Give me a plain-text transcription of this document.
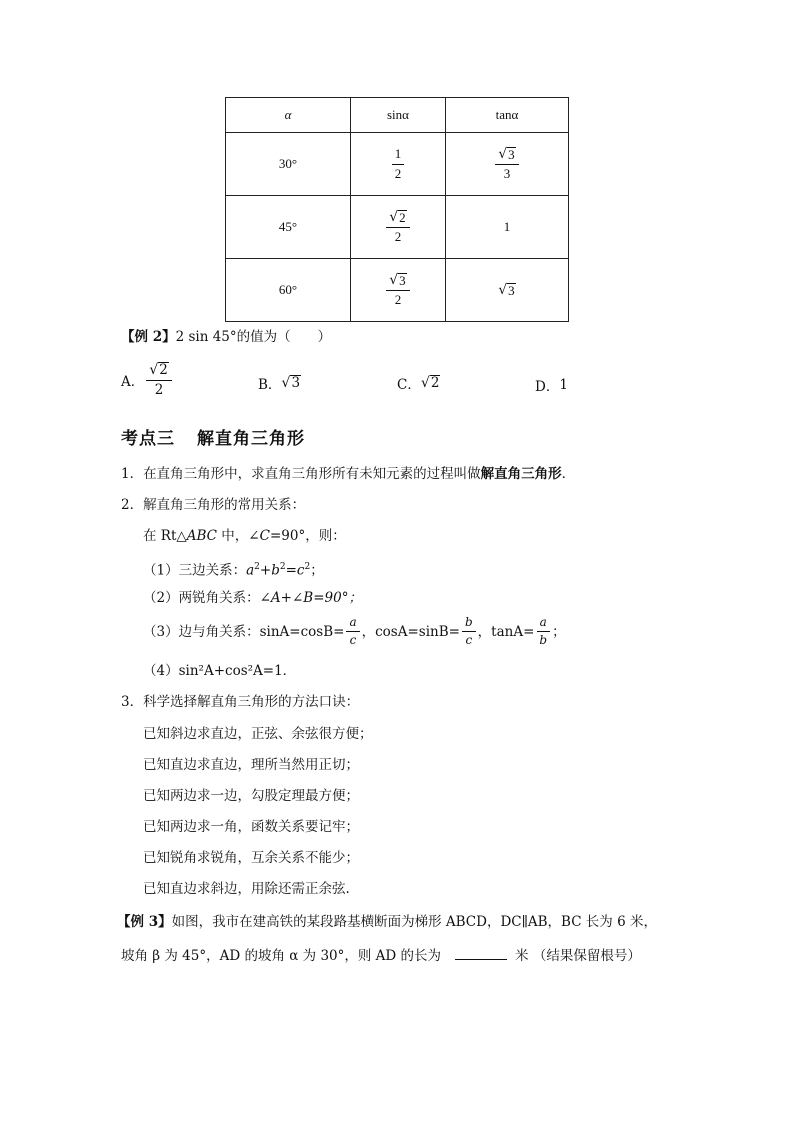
α	sinα	tanα
30°	$\frac{1}{2}$	$\frac{√ 3}{3}$

45°	$\frac{√ 2}{2}$	1
60°	$\frac{√ 3}{2}$	√ 3
【例 2】2 sin 45°的值为（　　）
A． $\frac{√ 2}{2}$	B． √ 3	C． √ 2	D． 1
考点三 解直角三角形
1．在直角三角形中，求直角三角形所有未知元素的过程叫做解直角三角形．
2．解直角三角形的常用关系：
在 Rt△ABC 中，∠C=90°，则：
（1）三边关系：$a^2+b^2=c^2$；
（2）两锐角关系：∠A+∠B=90°；
（3）边与角关系： $\sin A=\cos B= \frac{a}{c}$ ，$\cos A=\sin B= \frac{b}{c}$ ，$\tan A= \frac{a}{b}$ ；
（4）sin²A+cos²A=1．
3．科学选择解直角三角形的方法口诀：
已知斜边求直边，正弦、余弦很方便；
已知直边求直边，理所当然用正切；
已知两边求一边，勾股定理最方便；
已知两边求一角，函数关系要记牢；
已知锐角求锐角，互余关系不能少；
已知直边求斜边，用除还需正余弦.
【例 3】如图，我市在建高铁的某段路基横断面为梯形 ABCD，DC∥AB，BC 长为 6 米，
坡角 β 为 45°，AD 的坡角 α 为 30°，则 AD 的长为	米 （结果保留根号）
